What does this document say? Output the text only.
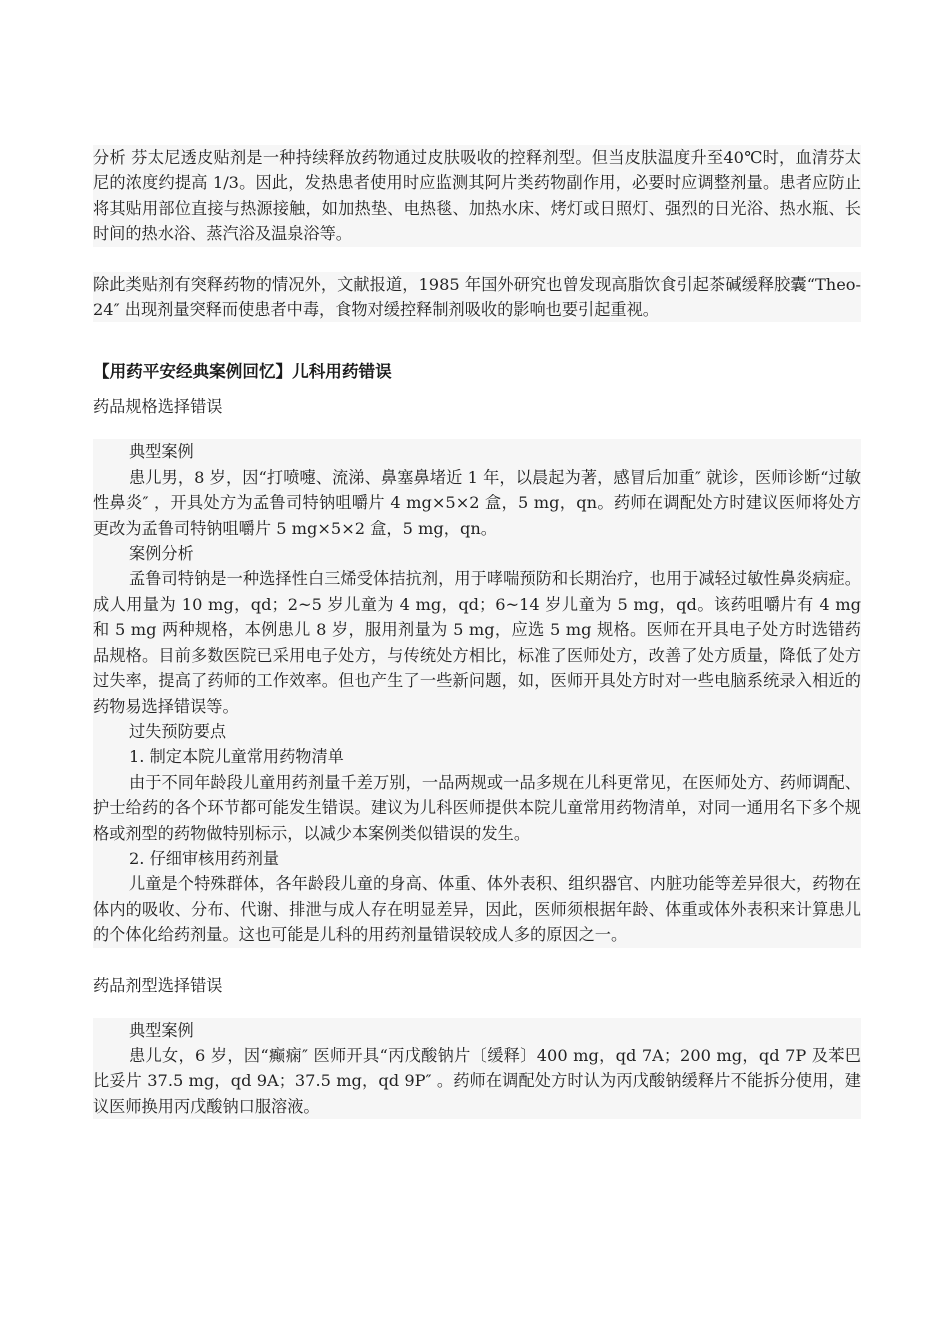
分析 芬太尼透皮贴剂是一种持续释放药物通过皮肤吸收的控释剂型。但当皮肤温度升至40℃时，血清芬太尼的浓度约提高 1/3。因此，发热患者使用时应监测其阿片类药物副作用，必要时应调整剂量。患者应防止将其贴用部位直接与热源接触，如加热垫、电热毯、加热水床、烤灯或日照灯、强烈的日光浴、热水瓶、长时间的热水浴、蒸汽浴及温泉浴等。

除此类贴剂有突释药物的情况外，文献报道，1985 年国外研究也曾发现高脂饮食引起茶碱缓释胶囊“Theo-24″ 出现剂量突释而使患者中毒，食物对缓控释制剂吸收的影响也要引起重视。

【用药平安经典案例回忆】儿科用药错误

药品规格选择错误

典型案例

患儿男，8 岁，因“打喷嚏、流涕、鼻塞鼻堵近 1 年，以晨起为著，感冒后加重″ 就诊，医师诊断“过敏性鼻炎″ ，开具处方为孟鲁司特钠咀嚼片 4 mg×5×2 盒，5 mg，qn。药师在调配处方时建议医师将处方更改为孟鲁司特钠咀嚼片 5 mg×5×2 盒，5 mg，qn。

案例分析

孟鲁司特钠是一种选择性白三烯受体拮抗剂，用于哮喘预防和长期治疗，也用于减轻过敏性鼻炎病症。成人用量为 10 mg，qd；2~5 岁儿童为 4 mg，qd；6~14 岁儿童为 5 mg，qd。该药咀嚼片有 4 mg 和 5 mg 两种规格，本例患儿 8 岁，服用剂量为 5 mg，应选 5 mg 规格。医师在开具电子处方时选错药品规格。目前多数医院已采用电子处方，与传统处方相比，标准了医师处方，改善了处方质量，降低了处方过失率，提高了药师的工作效率。但也产生了一些新问题，如，医师开具处方时对一些电脑系统录入相近的药物易选择错误等。

过失预防要点

1. 制定本院儿童常用药物清单

由于不同年龄段儿童用药剂量千差万别，一品两规或一品多规在儿科更常见，在医师处方、药师调配、护士给药的各个环节都可能发生错误。建议为儿科医师提供本院儿童常用药物清单，对同一通用名下多个规格或剂型的药物做特别标示，以减少本案例类似错误的发生。

2. 仔细审核用药剂量

儿童是个特殊群体，各年龄段儿童的身高、体重、体外表积、组织器官、内脏功能等差异很大，药物在体内的吸收、分布、代谢、排泄与成人存在明显差异，因此，医师须根据年龄、体重或体外表积来计算患儿的个体化给药剂量。这也可能是儿科的用药剂量错误较成人多的原因之一。

药品剂型选择错误

典型案例

患儿女，6 岁，因“癫痫″ 医师开具“丙戊酸钠片〔缓释〕400 mg，qd 7A；200 mg，qd 7P 及苯巴比妥片 37.5 mg，qd 9A；37.5 mg，qd 9P″ 。药师在调配处方时认为丙戊酸钠缓释片不能拆分使用，建议医师换用丙戊酸钠口服溶液。
